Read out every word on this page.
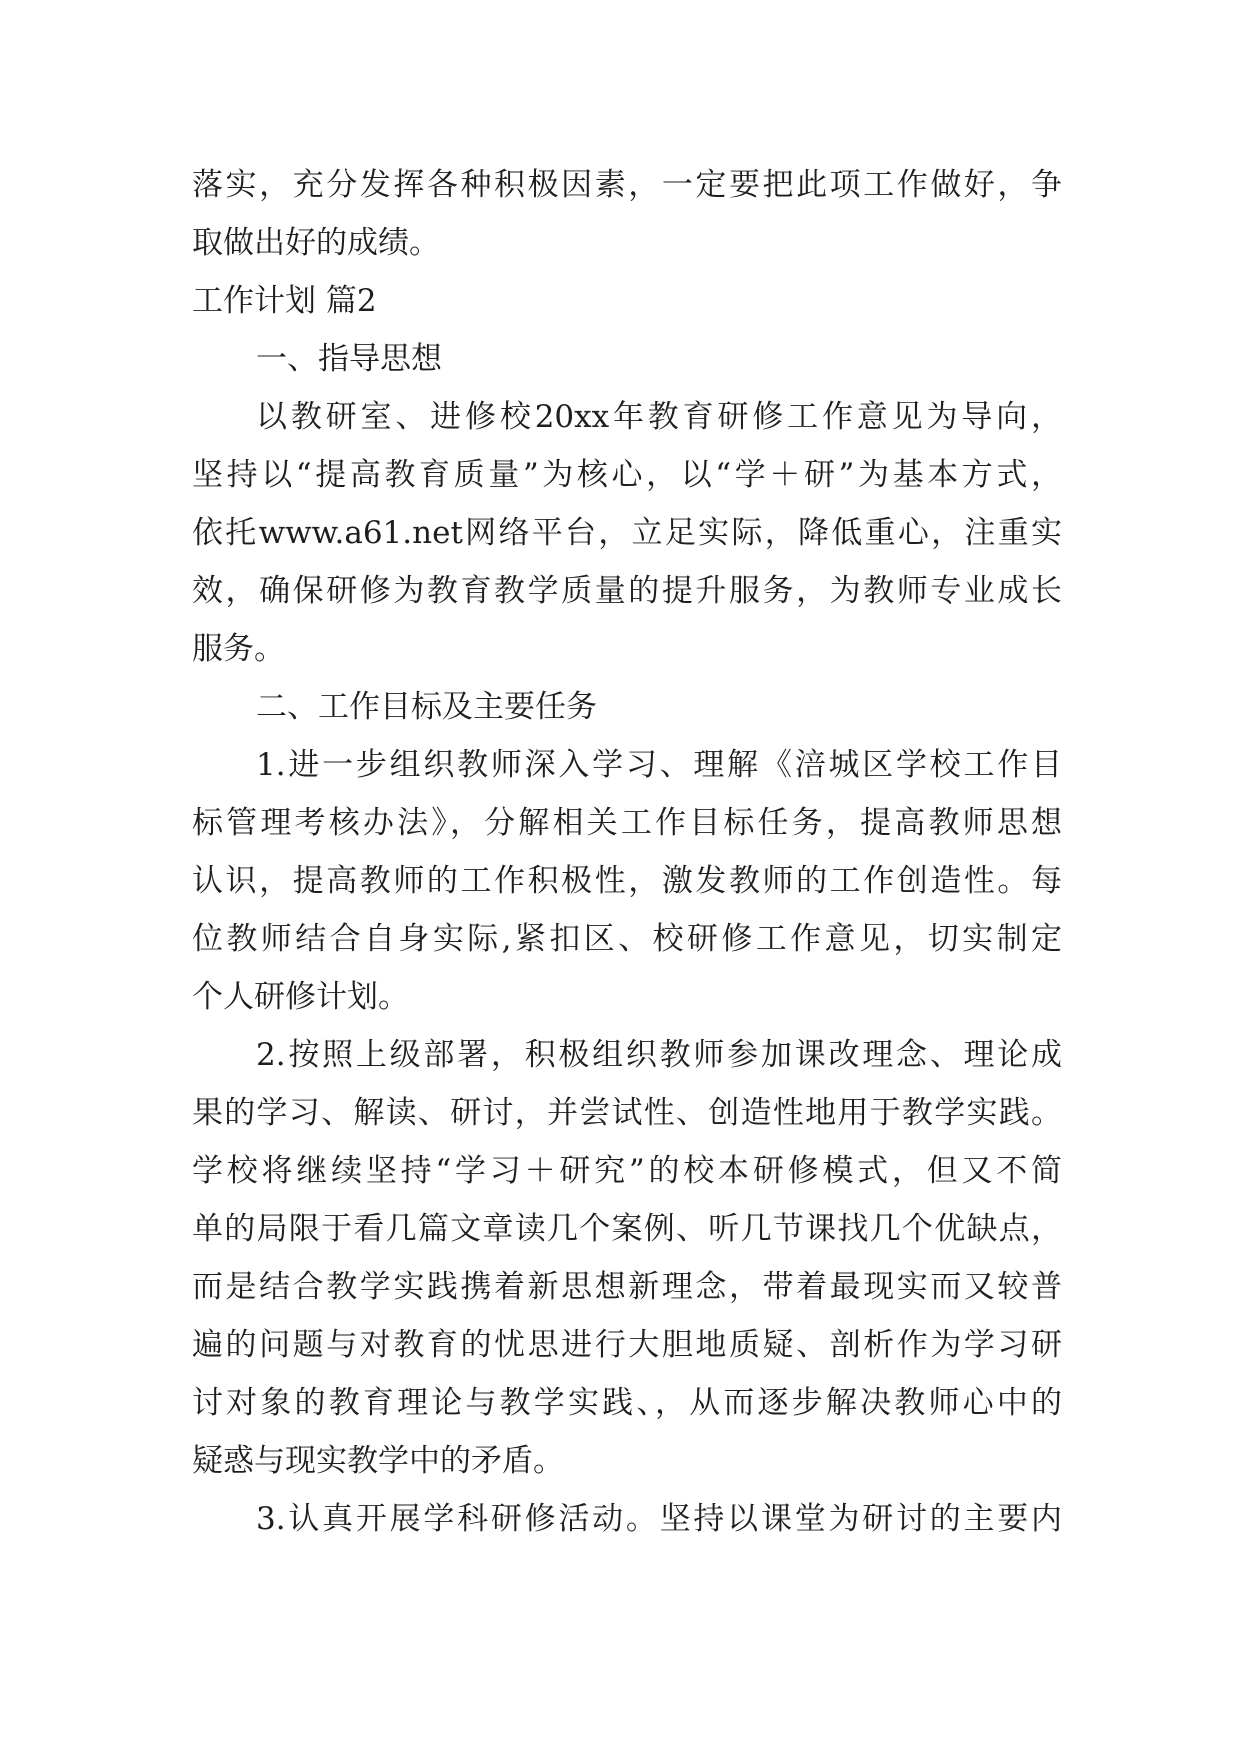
落实，充分发挥各种积极因素，一定要把此项工作做好，争
取做出好的成绩。
工作计划 篇2
一、指导思想
以教研室、进修校20xx年教育研修工作意见为导向，
坚持以“提高教育质量”为核心，以“学＋研”为基本方式，
依托www.a61.net网络平台，立足实际，降低重心，注重实
效，确保研修为教育教学质量的提升服务，为教师专业成长
服务。
二、工作目标及主要任务
1.进一步组织教师深入学习、理解《涪城区学校工作目
标管理考核办法》，分解相关工作目标任务，提高教师思想
认识，提高教师的工作积极性，激发教师的工作创造性。每
位教师结合自身实际,紧扣区、校研修工作意见，切实制定
个人研修计划。
2.按照上级部署，积极组织教师参加课改理念、理论成
果的学习、解读、研讨，并尝试性、创造性地用于教学实践。
学校将继续坚持“学习＋研究”的校本研修模式，但又不简
单的局限于看几篇文章读几个案例、听几节课找几个优缺点，
而是结合教学实践携着新思想新理念，带着最现实而又较普
遍的问题与对教育的忧思进行大胆地质疑、剖析作为学习研
讨对象的教育理论与教学实践、，从而逐步解决教师心中的
疑惑与现实教学中的矛盾。
3.认真开展学科研修活动。坚持以课堂为研讨的主要内
